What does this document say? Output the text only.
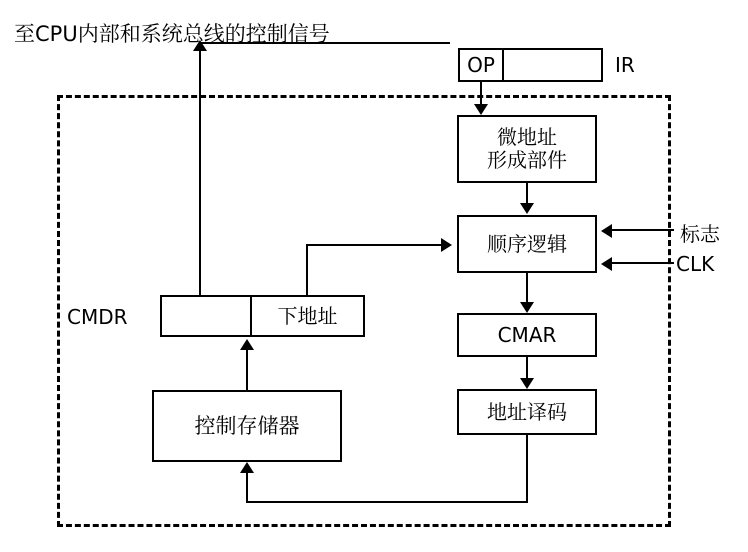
至CPU内部和系统总线的控制信号
OP	IR
微地址
形成部件
顺序逻辑
CMAR
地址译码
下地址
CMDR
控制存储器
标志
CLK
